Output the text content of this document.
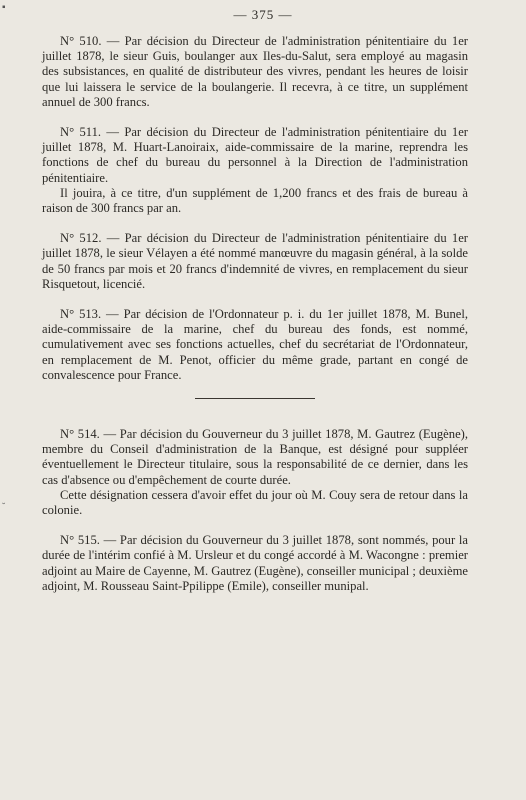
▪
˘
— 375 —

N° 510. — Par décision du Directeur de l'administration pénitentiaire du 1er juillet 1878, le sieur Guis, boulanger aux Iles-du-Salut, sera employé au magasin des subsistances, en qualité de distributeur des vivres, pendant les heures de loisir que lui laissera le service de la boulangerie. Il recevra, à ce titre, un supplément annuel de 300 francs.

N° 511. — Par décision du Directeur de l'administration pénitentiaire du 1er juillet 1878, M. Huart-Lanoiraix, aide-commissaire de la marine, reprendra les fonctions de chef du bureau du personnel à la Direction de l'administration pénitentiaire.

Il jouira, à ce titre, d'un supplément de 1,200 francs et des frais de bureau à raison de 300 francs par an.

N° 512. — Par décision du Directeur de l'administration pénitentiaire du 1er juillet 1878, le sieur Vélayen a été nommé manœuvre du magasin général, à la solde de 50 francs par mois et 20 francs d'indemnité de vivres, en remplacement du sieur Risquetout, licencié.

N° 513. — Par décision de l'Ordonnateur p. i. du 1er juillet 1878, M. Bunel, aide-commissaire de la marine, chef du bureau des fonds, est nommé, cumulativement avec ses fonctions actuelles, chef du secrétariat de l'Ordonnateur, en remplacement de M. Penot, officier du même grade, partant en congé de convalescence pour France.

N° 514. — Par décision du Gouverneur du 3 juillet 1878, M. Gautrez (Eugène), membre du Conseil d'administration de la Banque, est désigné pour suppléer éventuellement le Directeur titulaire, sous la responsabilité de ce dernier, dans les cas d'absence ou d'empêchement de courte durée.

Cette désignation cessera d'avoir effet du jour où M. Couy sera de retour dans la colonie.

N° 515. — Par décision du Gouverneur du 3 juillet 1878, sont nommés, pour la durée de l'intérim confié à M. Ursleur et du congé accordé à M. Wacongne : premier adjoint au Maire de Cayenne, M. Gautrez (Eugène), conseiller municipal ; deuxième adjoint, M. Rousseau Saint-Ppilippe (Emile), conseiller munipal.
